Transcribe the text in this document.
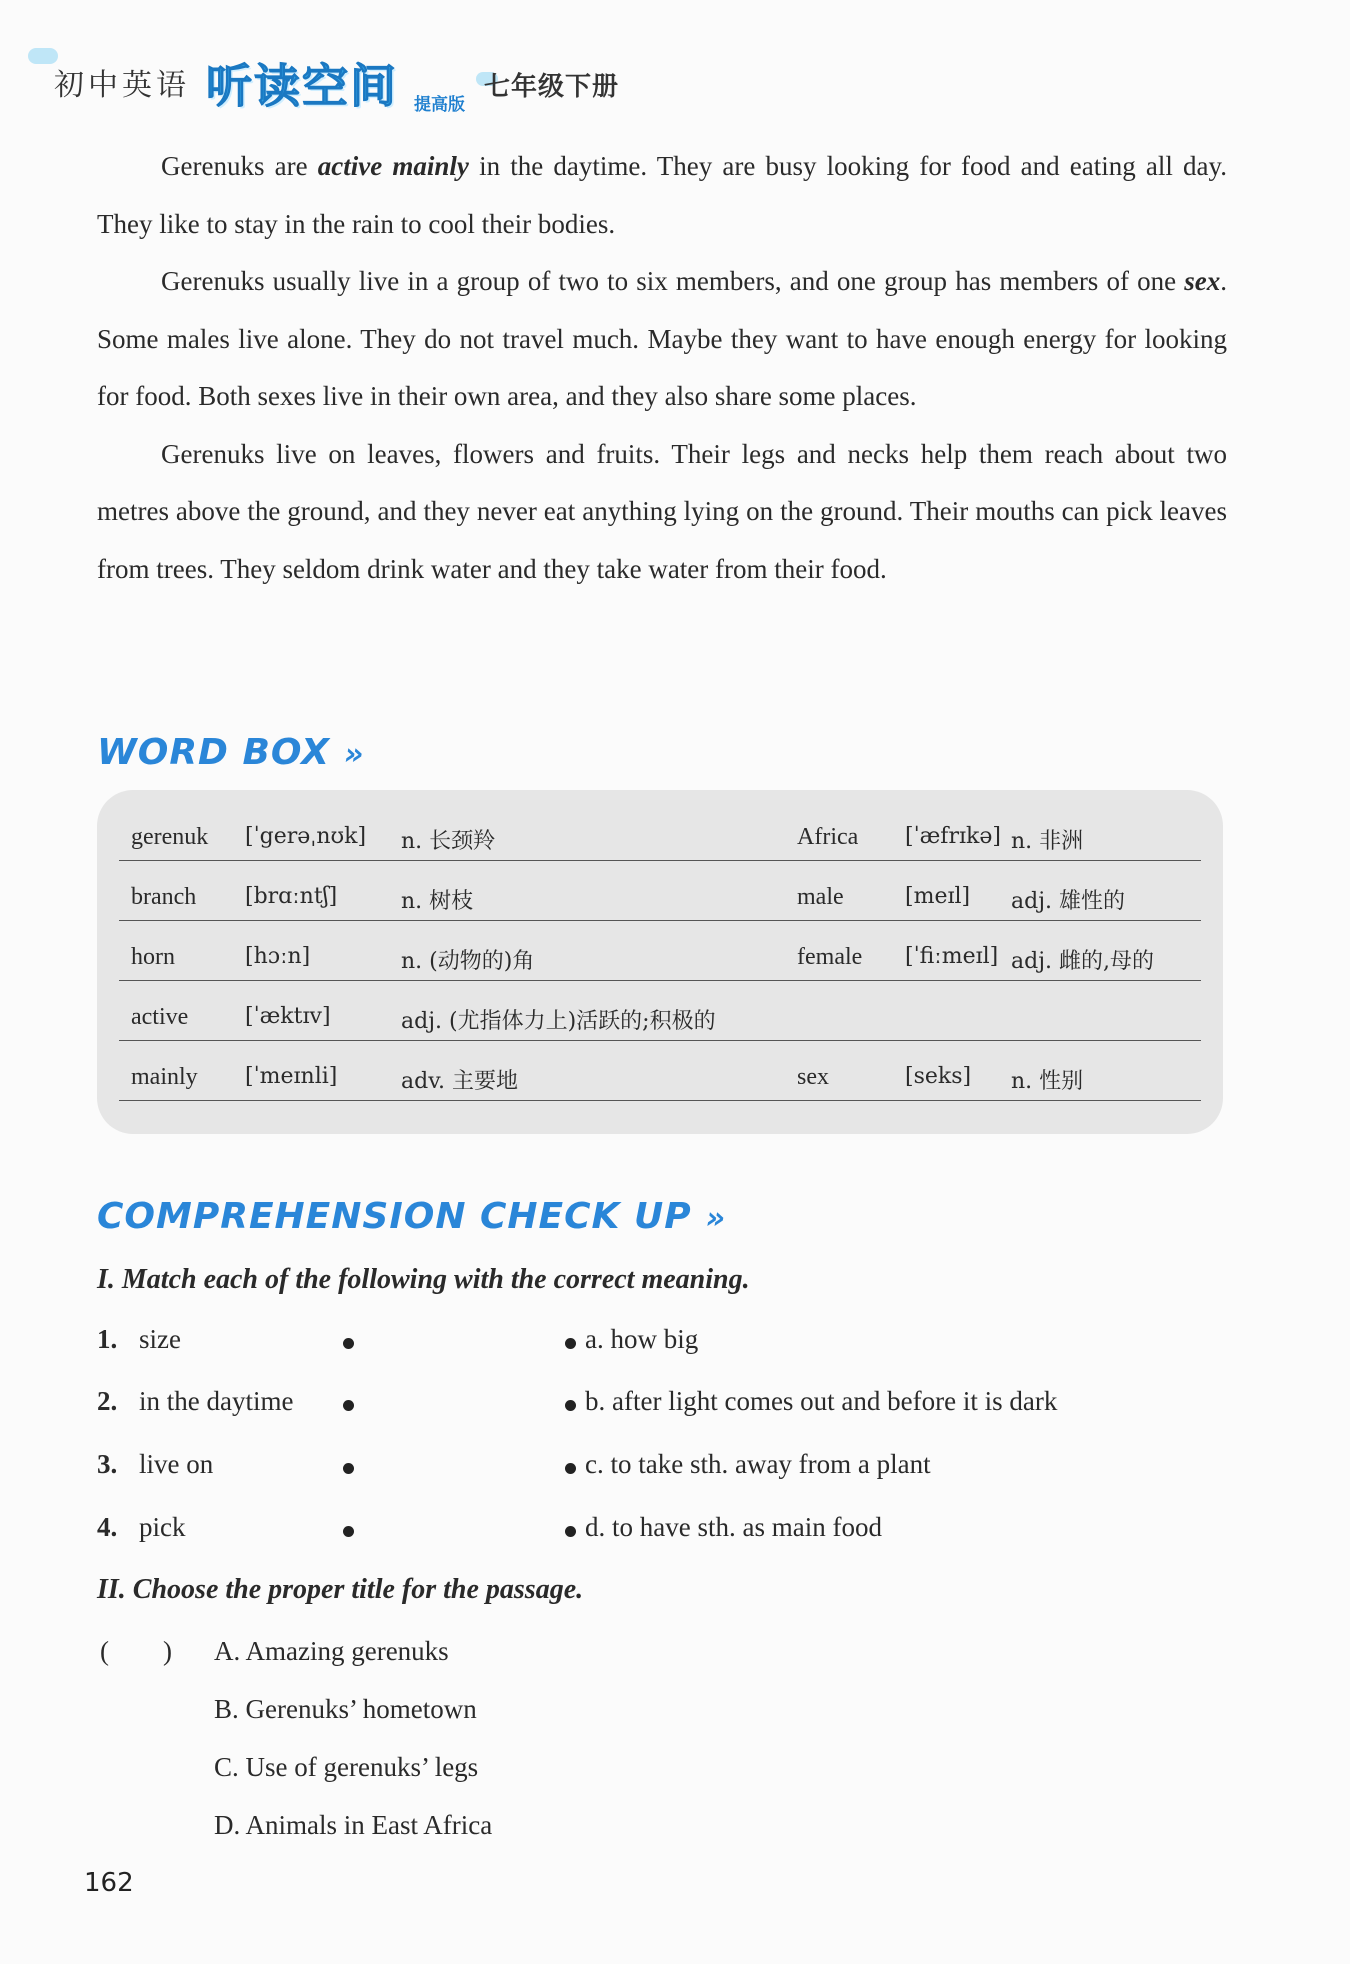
初中英语 听读空间 提高版
七年级下册

Gerenuks are active mainly in the daytime. They are busy looking for food and eating all day. They like to stay in the rain to cool their bodies.

Gerenuks usually live in a group of two to six members, and one group has members of one sex. Some males live alone. They do not travel much. Maybe they want to have enough energy for looking for food. Both sexes live in their own area, and they also share some places.

Gerenuks live on leaves, flowers and fruits. Their legs and necks help them reach about two metres above the ground, and they never eat anything lying on the ground. Their mouths can pick leaves from trees. They seldom drink water and they take water from their food.

WORD BOX »
gerenuk [ˈgerəˌnʊk] n. 长颈羚	Africa [ˈæfrɪkə] n. 非洲
branch [brɑːntʃ]	n. 树枝	male	[meɪl] adj. 雄性的
horn	[hɔːn]	n. (动物的)角	female [ˈfiːmeɪl] adj. 雌的,母的
active	[ˈæktɪv]	adj. (尤指体力上)活跃的;积极的
mainly [ˈmeɪnli]	adv. 主要地	sex	[seks] n. 性别
COMPREHENSION CHECK UP »
I. Match each of the following with the correct meaning.
1. size	a. how big
2. in the daytime	b. after light comes out and before it is dark
3. live on	c. to take sth. away from a plant
4. pick	d. to have sth. as main food
II. Choose the proper title for the passage.
(        ) A. Amazing gerenuks
B. Gerenuks’ hometown
C. Use of gerenuks’ legs
D. Animals in East Africa
162
